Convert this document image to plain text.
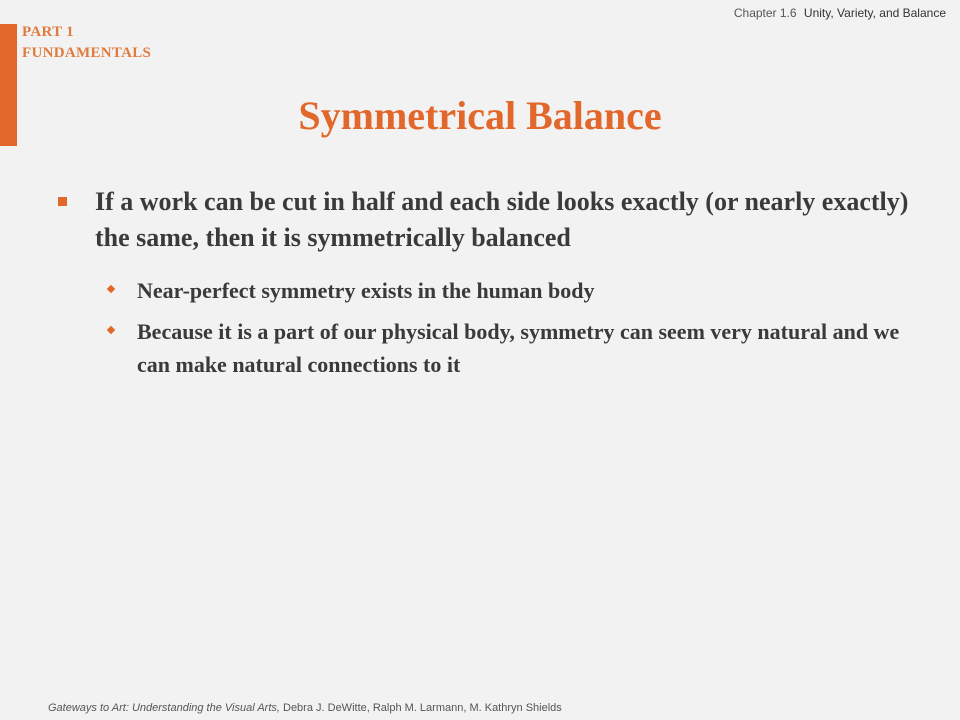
PART 1
FUNDAMENTALS
Chapter 1.6 Unity, Variety, and Balance
Symmetrical Balance
If a work can be cut in half and each side looks exactly (or nearly exactly) the same, then it is symmetrically balanced
Near-perfect symmetry exists in the human body
Because it is a part of our physical body, symmetry can seem very natural and we can make natural connections to it
Gateways to Art: Understanding the Visual Arts, Debra J. DeWitte, Ralph M. Larmann, M. Kathryn Shields
